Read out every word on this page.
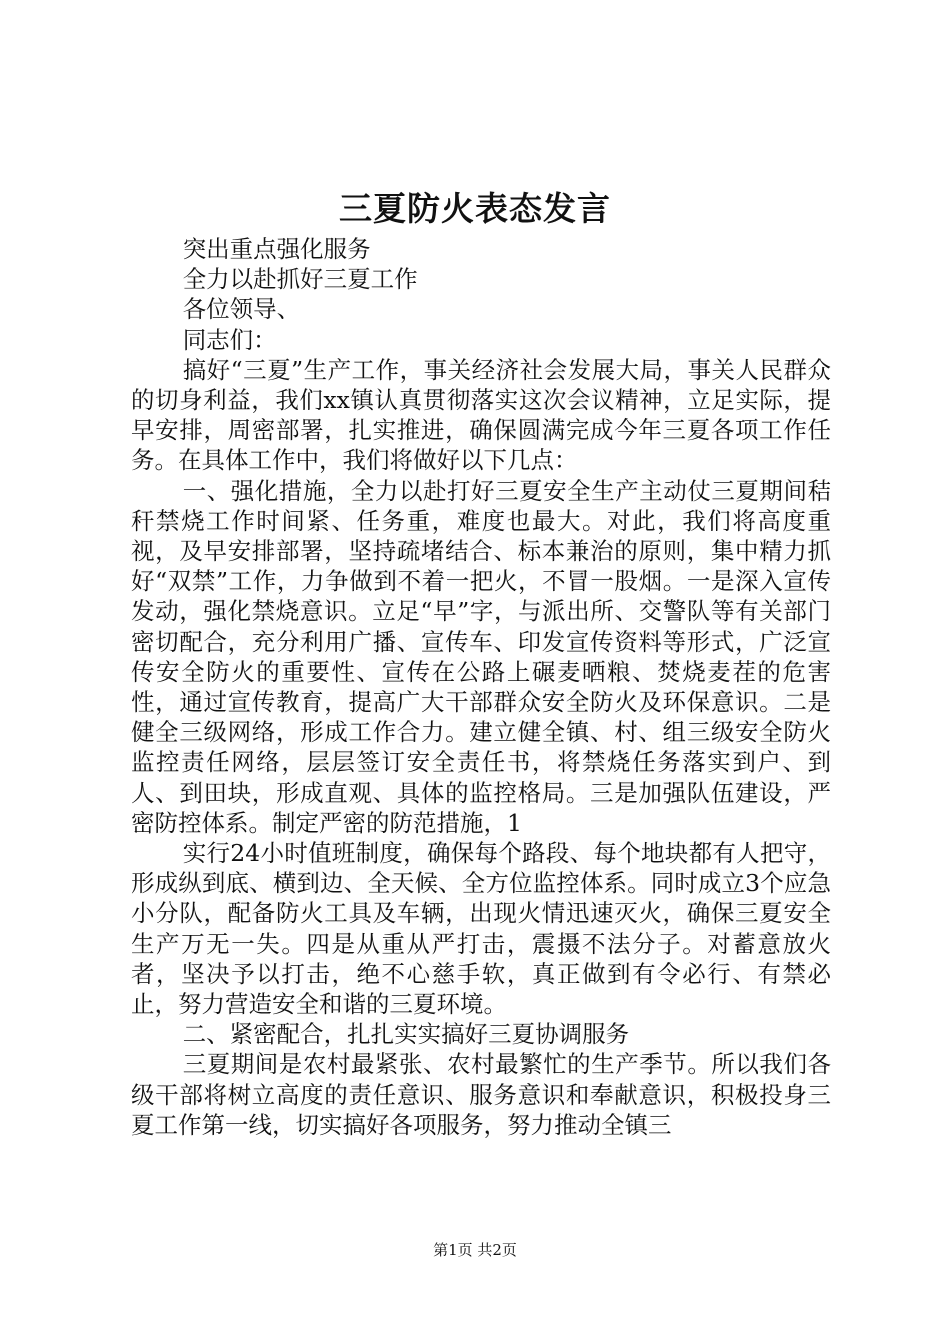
三夏防火表态发言

突出重点强化服务

全力以赴抓好三夏工作

各位领导、

同志们：

搞好“三夏”生产工作，事关经济社会发展大局，事关人民群众的切身利益，我们xx镇认真贯彻落实这次会议精神，立足实际，提早安排，周密部署，扎实推进，确保圆满完成今年三夏各项工作任务。在具体工作中，我们将做好以下几点：

一、强化措施，全力以赴打好三夏安全生产主动仗三夏期间秸秆禁烧工作时间紧、任务重，难度也最大。对此，我们将高度重视，及早安排部署，坚持疏堵结合、标本兼治的原则，集中精力抓好“双禁”工作，力争做到不着一把火，不冒一股烟。一是深入宣传发动，强化禁烧意识。立足“早”字，与派出所、交警队等有关部门密切配合，充分利用广播、宣传车、印发宣传资料等形式，广泛宣传安全防火的重要性、宣传在公路上碾麦晒粮、焚烧麦茬的危害性，通过宣传教育，提高广大干部群众安全防火及环保意识。二是健全三级网络，形成工作合力。建立健全镇、村、组三级安全防火监控责任网络，层层签订安全责任书，将禁烧任务落实到户、到人、到田块，形成直观、具体的监控格局。三是加强队伍建设，严密防控体系。制定严密的防范措施，1

实行24小时值班制度，确保每个路段、每个地块都有人把守，形成纵到底、横到边、全天候、全方位监控体系。同时成立3个应急小分队，配备防火工具及车辆，出现火情迅速灭火，确保三夏安全生产万无一失。四是从重从严打击，震摄不法分子。对蓄意放火者，坚决予以打击，绝不心慈手软，真正做到有令必行、有禁必止，努力营造安全和谐的三夏环境。

二、紧密配合，扎扎实实搞好三夏协调服务

三夏期间是农村最紧张、农村最繁忙的生产季节。所以我们各级干部将树立高度的责任意识、服务意识和奉献意识，积极投身三夏工作第一线，切实搞好各项服务，努力推动全镇三

第1页 共2页
